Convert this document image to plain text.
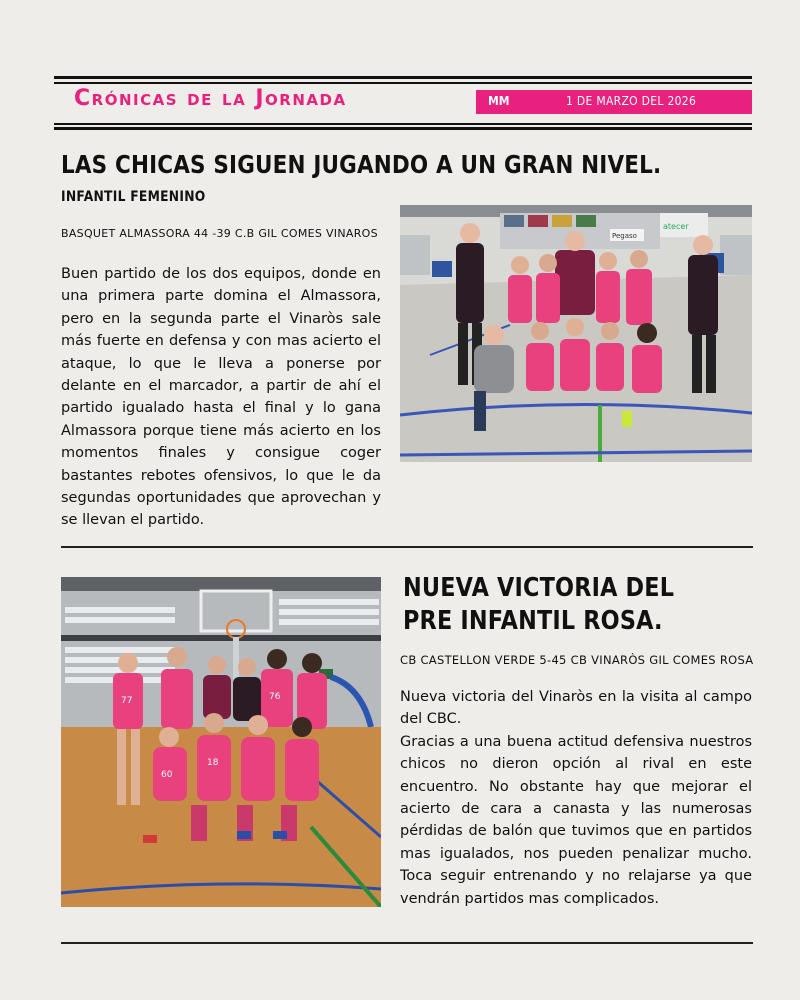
Crónicas de la Jornada	MM	1 DE MARZO DEL 2026
LAS CHICAS SIGUEN JUGANDO A UN GRAN NIVEL.
INFANTIL FEMENINO
BASQUET ALMASSORA 44 -39 C.B GIL COMES VINAROS
Buen partido de los dos equipos, donde en una primera parte domina el Almassora, pero en la segunda parte el Vinaròs sale más fuerte en defensa y con mas acierto el ataque, lo que le lleva a ponerse por delante en el marcador, a partir de ahí el partido igualado hasta el final y lo gana Almassora porque tiene más acierto en los momentos finales y consigue coger bastantes rebotes ofensivos, lo que le da segundas oportunidades que aprovechan y se llevan el partido.
Pegaso
atecer
77	76
60
18
NUEVA VICTORIA DEL
PRE INFANTIL ROSA.
CB CASTELLON VERDE 5-45 CB VINARÒS GIL COMES ROSA

Nueva victoria del Vinaròs en la visita al campo del CBC.

Gracias a una buena actitud defensiva nuestros chicos no dieron opción al rival en este encuentro. No obstante hay que mejorar el acierto de cara a canasta y las numerosas pérdidas de balón que tuvimos que en partidos mas igualados, nos pueden penalizar mucho. Toca seguir entrenando y no relajarse ya que vendrán partidos mas complicados.
